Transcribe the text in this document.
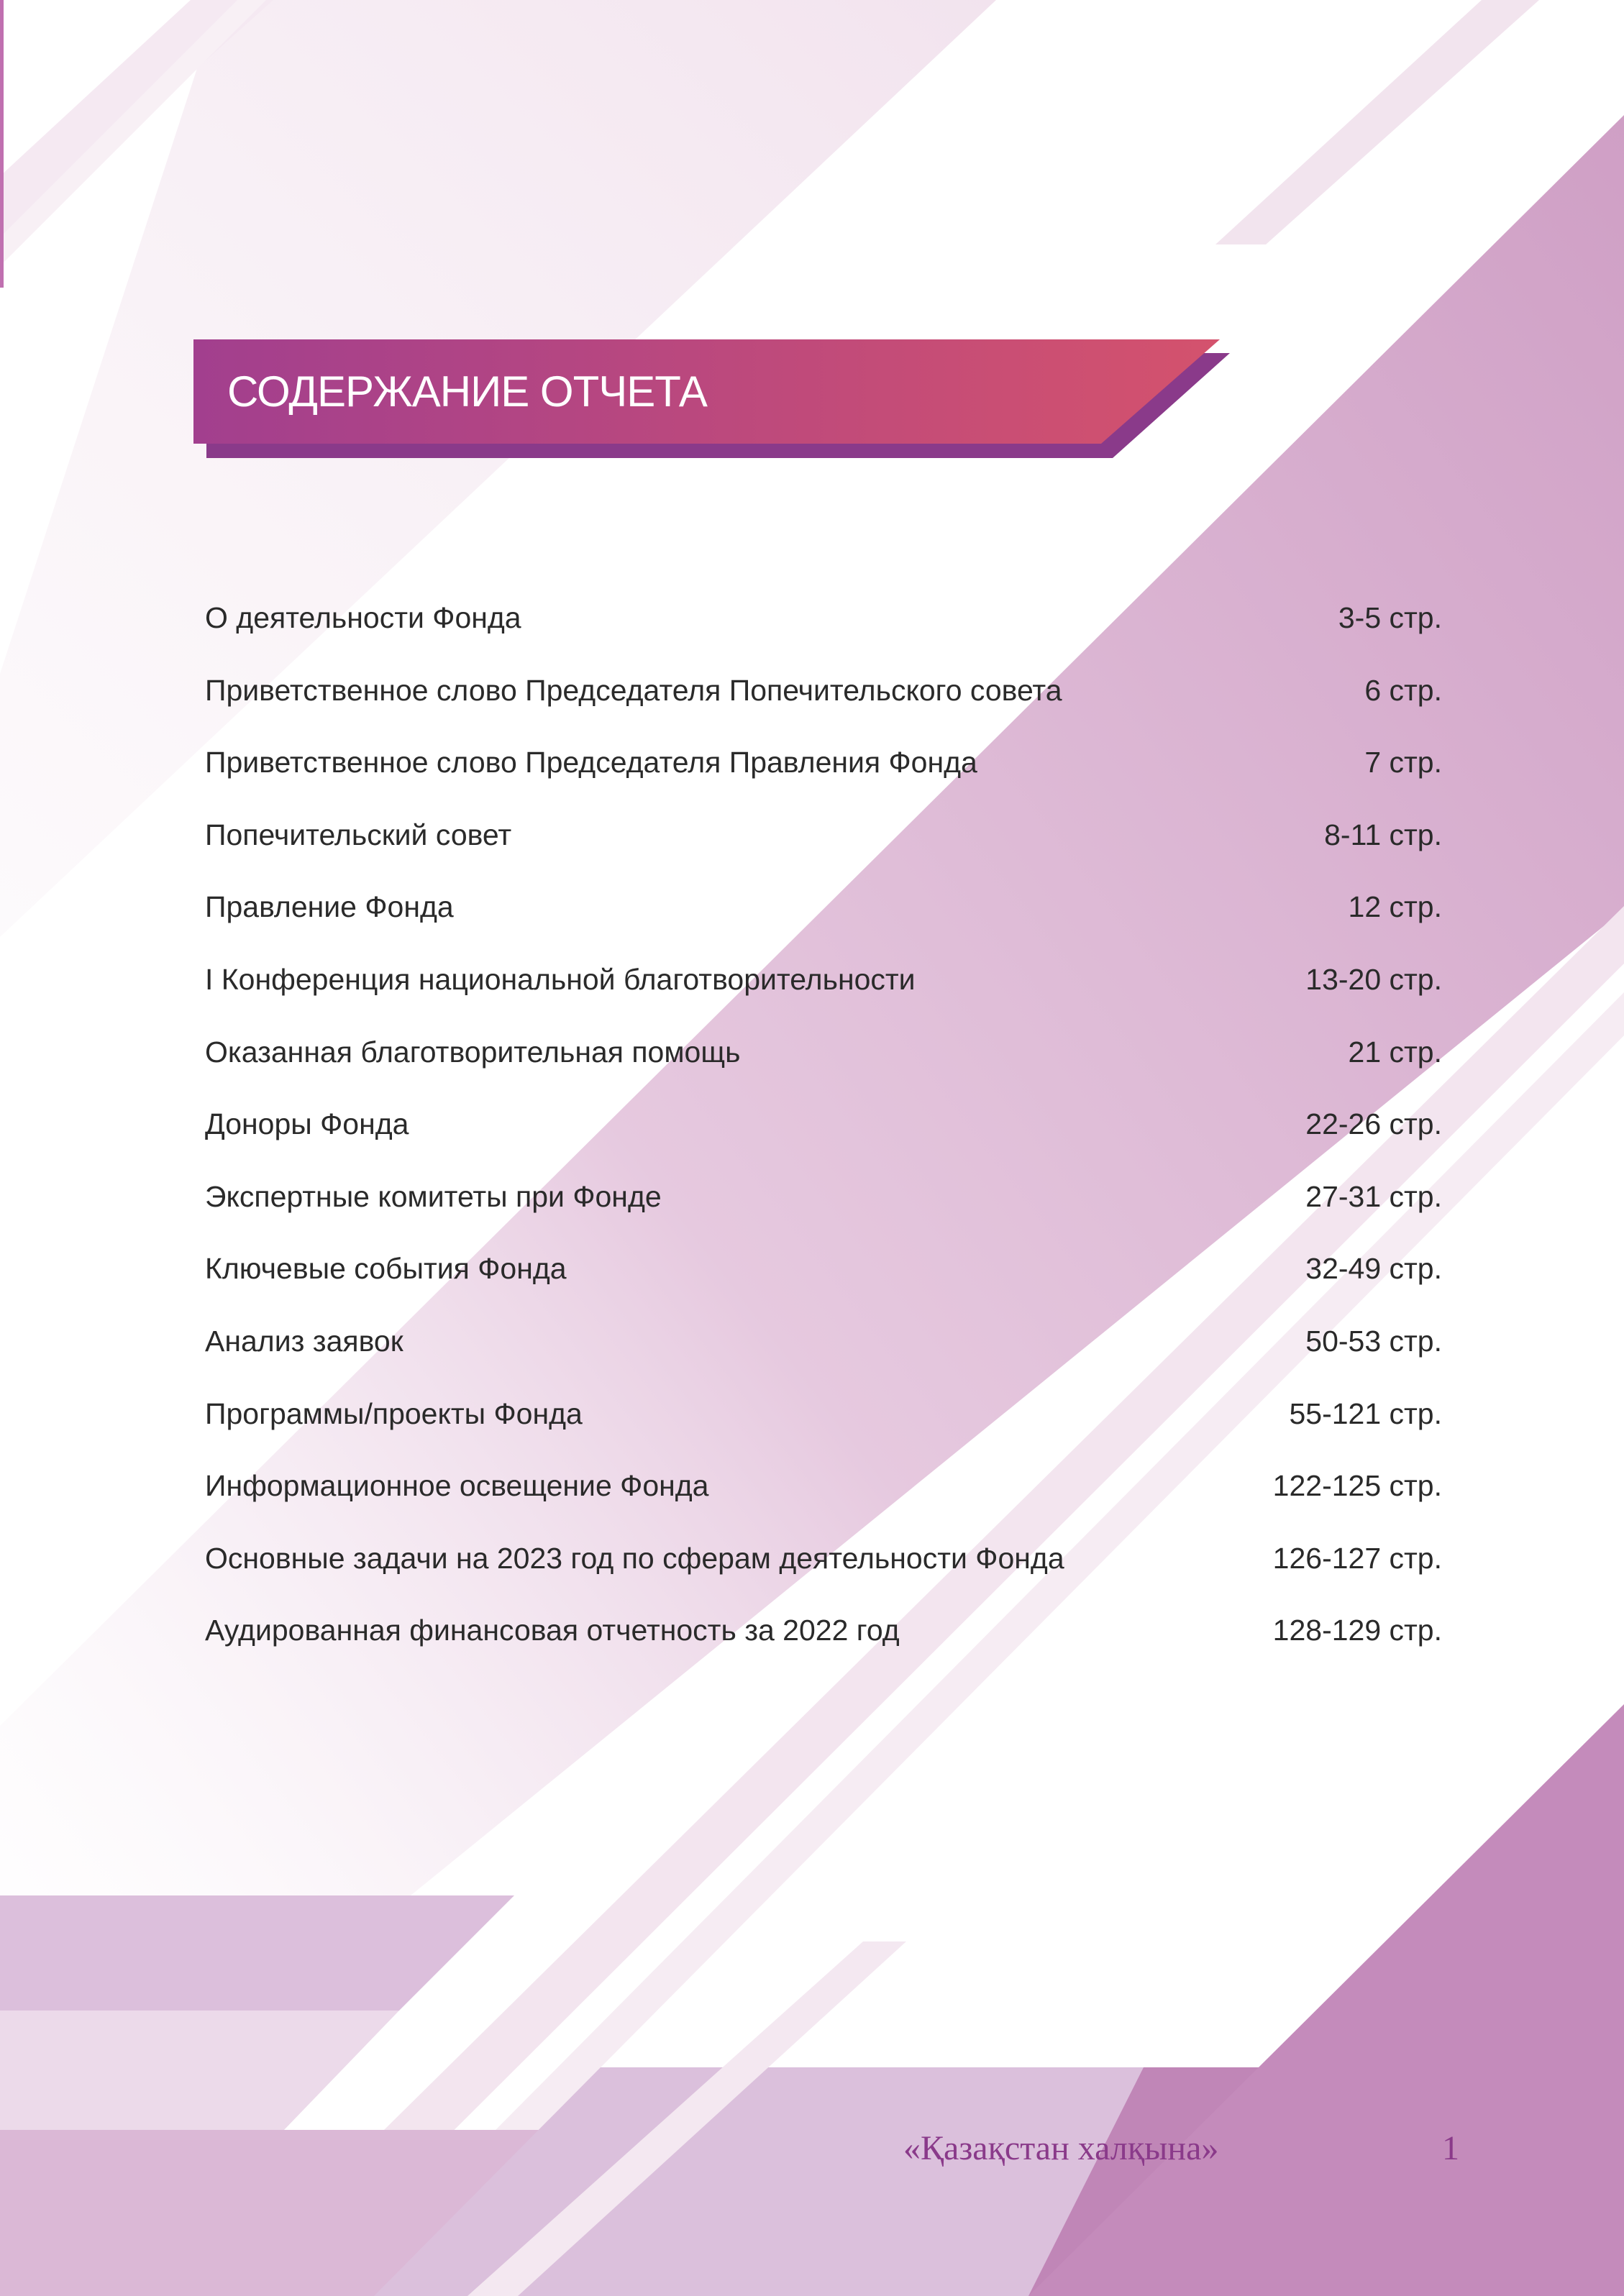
СОДЕРЖАНИЕ ОТЧЕТА
О деятельности Фонда	3-5 стр.
Приветственное слово Председателя Попечительского совета	6 стр.
Приветственное слово Председателя Правления Фонда	7 стр.
Попечительский совет	8-11 стр.
Правление Фонда	12 стр.
I Конференция национальной благотворительности	13-20 стр.
Оказанная благотворительная помощь	21 стр.
Доноры Фонда	22-26 стр.
Экспертные комитеты при Фонде	27-31 стр.
Ключевые события Фонда	32-49 стр.
Анализ заявок	50-53 стр.
Программы/проекты Фонда	55-121 стр.
Информационное освещение Фонда	122-125 стр.
Основные задачи на 2023 год по сферам деятельности Фонда	126-127 стр.
Аудированная финансовая отчетность за 2022 год	128-129 стр.
«Қазақстан халқына»	1
